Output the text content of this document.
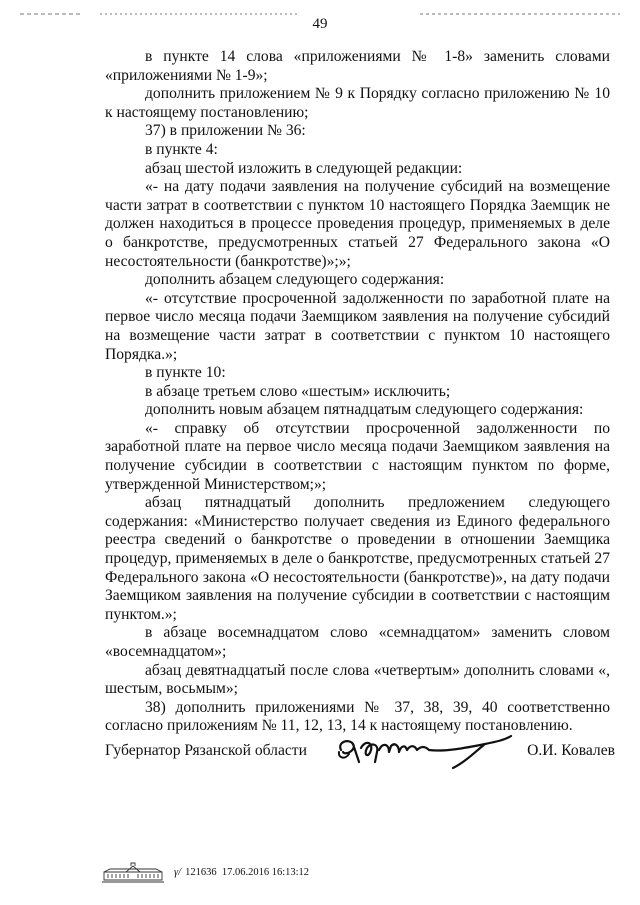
49

в пункте 14 слова «приложениями № 1-8» заменить словами «приложениями № 1-9»;

дополнить приложением № 9 к Порядку согласно приложению № 10 к настоящему постановлению;

37) в приложении № 36:

в пункте 4:

абзац шестой изложить в следующей редакции:

«- на дату подачи заявления на получение субсидий на возмещение части затрат в соответствии с пунктом 10 настоящего Порядка Заемщик не должен находиться в процессе проведения процедур, применяемых в деле о банкротстве, предусмотренных статьей 27 Федерального закона «О несостоятельности (банкротстве)»;»;

дополнить абзацем следующего содержания:

«- отсутствие просроченной задолженности по заработной плате на первое число месяца подачи Заемщиком заявления на получение субсидий на возмещение части затрат в соответствии с пунктом 10 настоящего Порядка.»;

в пункте 10:

в абзаце третьем слово «шестым» исключить;

дополнить новым абзацем пятнадцатым следующего содержания:

«- справку об отсутствии просроченной задолженности по заработной плате на первое число месяца подачи Заемщиком заявления на получение субсидии в соответствии с настоящим пунктом по форме, утвержденной Министерством;»;

абзац пятнадцатый дополнить предложением следующего содержания: «Министерство получает сведения из Единого федерального реестра сведений о банкротстве о проведении в отношении Заемщика процедур, применяемых в деле о банкротстве, предусмотренных статьей 27 Федерального закона «О несостоятельности (банкротстве)», на дату подачи Заемщиком заявления на получение субсидии в соответствии с настоящим пунктом.»;

в абзаце восемнадцатом слово «семнадцатом» заменить словом «восемнадцатом»;

абзац девятнадцатый после слова «четвертым» дополнить словами «, шестым, восьмым»;

38) дополнить приложениями № 37, 38, 39, 40 соответственно согласно приложениям № 11, 12, 13, 14 к настоящему постановлению.

Губернатор Рязанской области	О.И. Ковалев
γ/ 121636 17.06.2016 16:13:12
